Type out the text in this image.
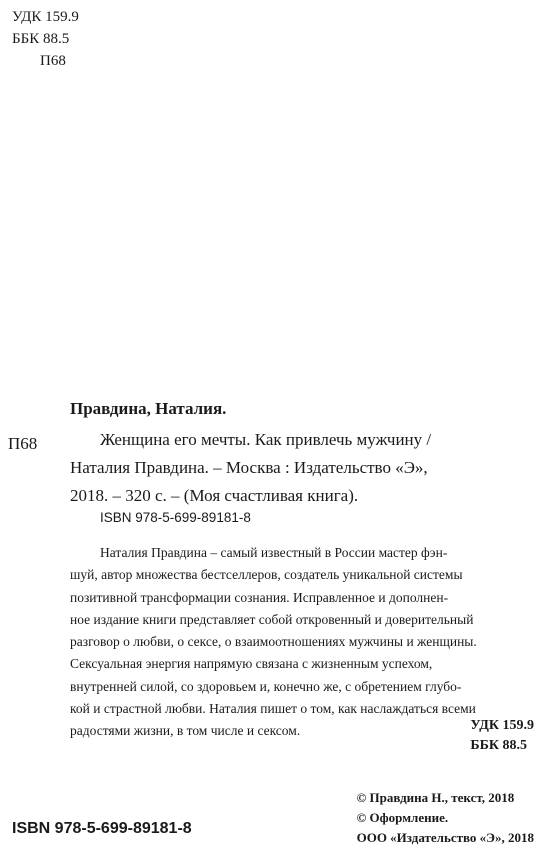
УДК 159.9
ББК 88.5
П68
Правдина, Наталия.
П68	Женщина его мечты. Как привлечь мужчину /
Наталия Правдина. – Москва : Издательство «Э»,
2018. – 320 с. – (Моя счастливая книга).
ISBN 978-5-699-89181-8
Наталия Правдина – самый известный в России мастер фэн-
шуй, автор множества бестселлеров, создатель уникальной системы
позитивной трансформации сознания. Исправленное и дополнен-
ное издание книги представляет собой откровенный и доверительный
разговор о любви, о сексе, о взаимоотношениях мужчины и женщины.
Сексуальная энергия напрямую связана с жизненным успехом,
внутренней силой, со здоровьем и, конечно же, с обретением глубо-
кой и страстной любви. Наталия пишет о том, как наслаждаться всеми
радостями жизни, в том числе и сексом.	УДК 159.9
ББК 88.5
© Правдина Н., текст, 2018
© Оформление.
ООО «Издательство «Э», 2018
ISBN 978-5-699-89181-8
